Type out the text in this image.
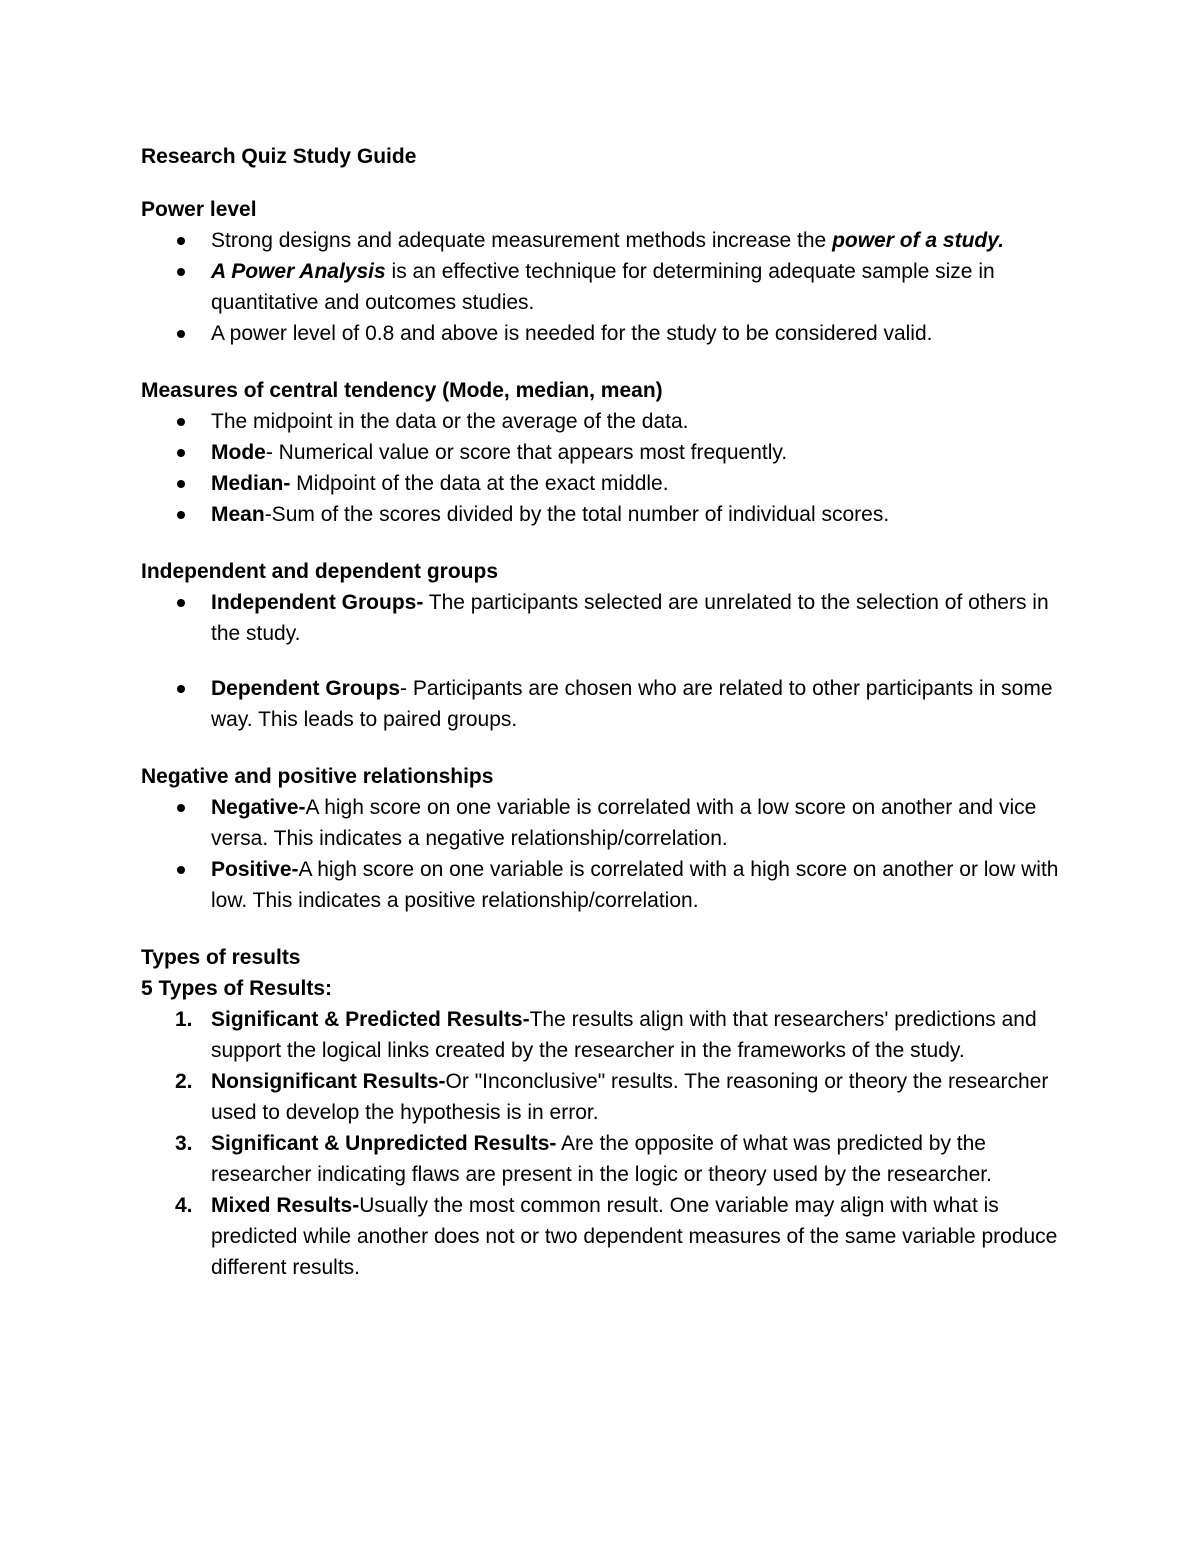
Research Quiz Study Guide
Power level
Strong designs and adequate measurement methods increase the power of a study.
A Power Analysis is an effective technique for determining adequate sample size in quantitative and outcomes studies.
A power level of 0.8 and above is needed for the study to be considered valid.
Measures of central tendency (Mode, median, mean)
The midpoint in the data or the average of the data.
Mode- Numerical value or score that appears most frequently.
Median- Midpoint of the data at the exact middle.
Mean-Sum of the scores divided by the total number of individual scores.
Independent and dependent groups
Independent Groups- The participants selected are unrelated to the selection of others in the study.
Dependent Groups- Participants are chosen who are related to other participants in some way. This leads to paired groups.
Negative and positive relationships
Negative-A high score on one variable is correlated with a low score on another and vice versa. This indicates a negative relationship/correlation.
Positive-A high score on one variable is correlated with a high score on another or low with low. This indicates a positive relationship/correlation.
Types of results
5 Types of Results:
1. Significant & Predicted Results-The results align with that researchers' predictions and support the logical links created by the researcher in the frameworks of the study.
2. Nonsignificant Results-Or "Inconclusive" results. The reasoning or theory the researcher used to develop the hypothesis is in error.
3. Significant & Unpredicted Results- Are the opposite of what was predicted by the researcher indicating flaws are present in the logic or theory used by the researcher.
4. Mixed Results-Usually the most common result. One variable may align with what is predicted while another does not or two dependent measures of the same variable produce different results.
